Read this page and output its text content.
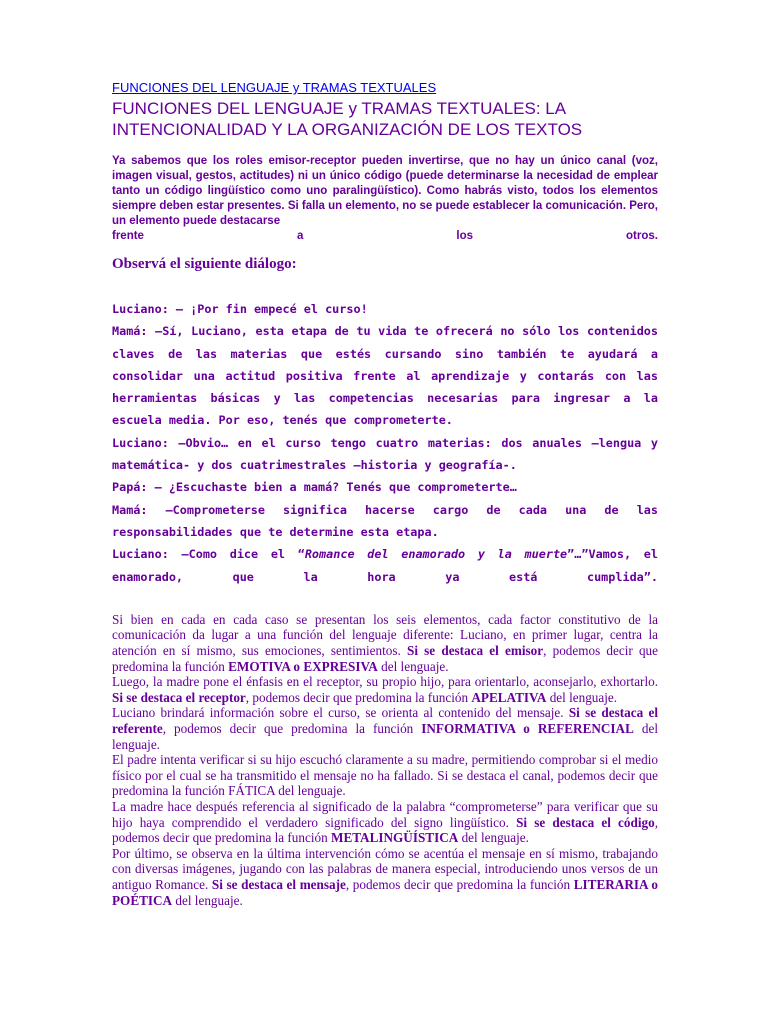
FUNCIONES DEL LENGUAJE y TRAMAS TEXTUALES
FUNCIONES DEL LENGUAJE y TRAMAS TEXTUALES: LA INTENCIONALIDAD Y LA ORGANIZACIÓN DE LOS TEXTOS

Ya sabemos que los roles emisor-receptor pueden invertirse, que no hay un único canal (voz, imagen visual, gestos, actitudes) ni un único código (puede determinarse la necesidad de emplear tanto un código lingüístico como uno paralingüístico). Como habrás visto, todos los elementos siempre deben estar presentes. Si falla un elemento, no se puede establecer la comunicación. Pero, un elemento puede destacarse

frente	a	los	otros.
Observá el siguiente diálogo:

Luciano: – ¡Por fin empecé el curso!

Mamá: –Sí, Luciano, esta etapa de tu vida te ofrecerá no sólo los contenidos claves de las materias que estés cursando sino también te ayudará a consolidar una actitud positiva frente al aprendizaje y contarás con las herramientas básicas y las competencias necesarias para ingresar a la escuela media. Por eso, tenés que comprometerte.

Luciano: –Obvio… en el curso tengo cuatro materias: dos anuales –lengua y matemática- y dos cuatrimestrales –historia y geografía-.

Papá: – ¿Escuchaste bien a mamá? Tenés que comprometerte…

Mamá: –Comprometerse significa hacerse cargo de cada una de las responsabilidades que te determine esta etapa.

Luciano: –Como dice el “Romance del enamorado y la muerte”…”Vamos, el enamorado, que la hora ya está cumplida”.

Si bien en cada en cada caso se presentan los seis elementos, cada factor constitutivo de la comunicación da lugar a una función del lenguaje diferente: Luciano, en primer lugar, centra la atención en sí mismo, sus emociones, sentimientos. Si se destaca el emisor, podemos decir que predomina la función EMOTIVA o EXPRESIVA del lenguaje.

Luego, la madre pone el énfasis en el receptor, su propio hijo, para orientarlo, aconsejarlo, exhortarlo. Si se destaca el receptor, podemos decir que predomina la función APELATIVA del lenguaje.

Luciano brindará información sobre el curso, se orienta al contenido del mensaje. Si se destaca el referente, podemos decir que predomina la función INFORMATIVA o REFERENCIAL del lenguaje.

El padre intenta verificar si su hijo escuchó claramente a su madre, permitiendo comprobar si el medio físico por el cual se ha transmitido el mensaje no ha fallado. Si se destaca el canal, podemos decir que predomina la función FÁTICA del lenguaje.

La madre hace después referencia al significado de la palabra “comprometerse” para verificar que su hijo haya comprendido el verdadero significado del signo lingüístico. Si se destaca el código, podemos decir que predomina la función METALINGÜÍSTICA del lenguaje.

Por último, se observa en la última intervención cómo se acentúa el mensaje en sí mismo, trabajando con diversas imágenes, jugando con las palabras de manera especial, introduciendo unos versos de un antiguo Romance. Si se destaca el mensaje, podemos decir que predomina la función LITERARIA o POÉTICA del lenguaje.
